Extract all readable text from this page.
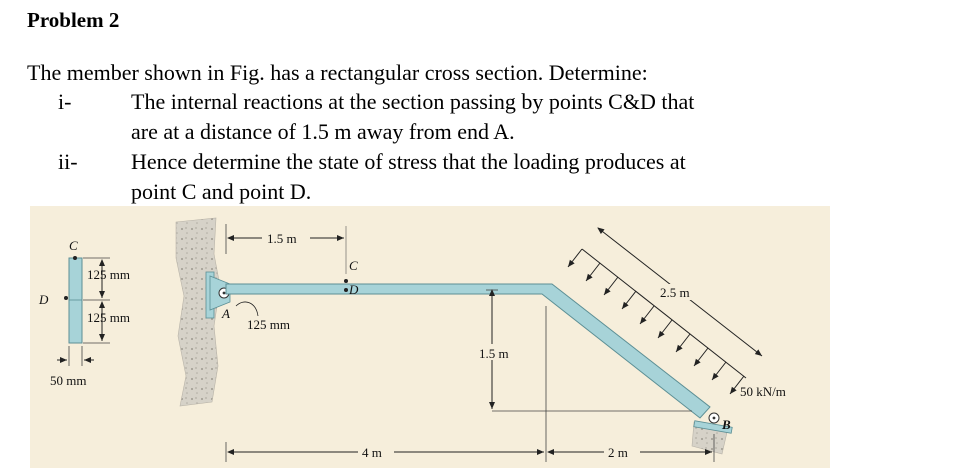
Problem 2
The member shown in Fig. has a rectangular cross section. Determine:
i-	The internal reactions at the section passing by points C&D that
are at a distance of 1.5 m away from end A.
ii- Hence determine the state of stress that the loading produces at
point C and point D.
C
D
125 mm
125 mm
50 mm
C
D
1.5 m
A
125 mm
1.5 m
2.5 m
50 kN/m
B
4 m	2 m
